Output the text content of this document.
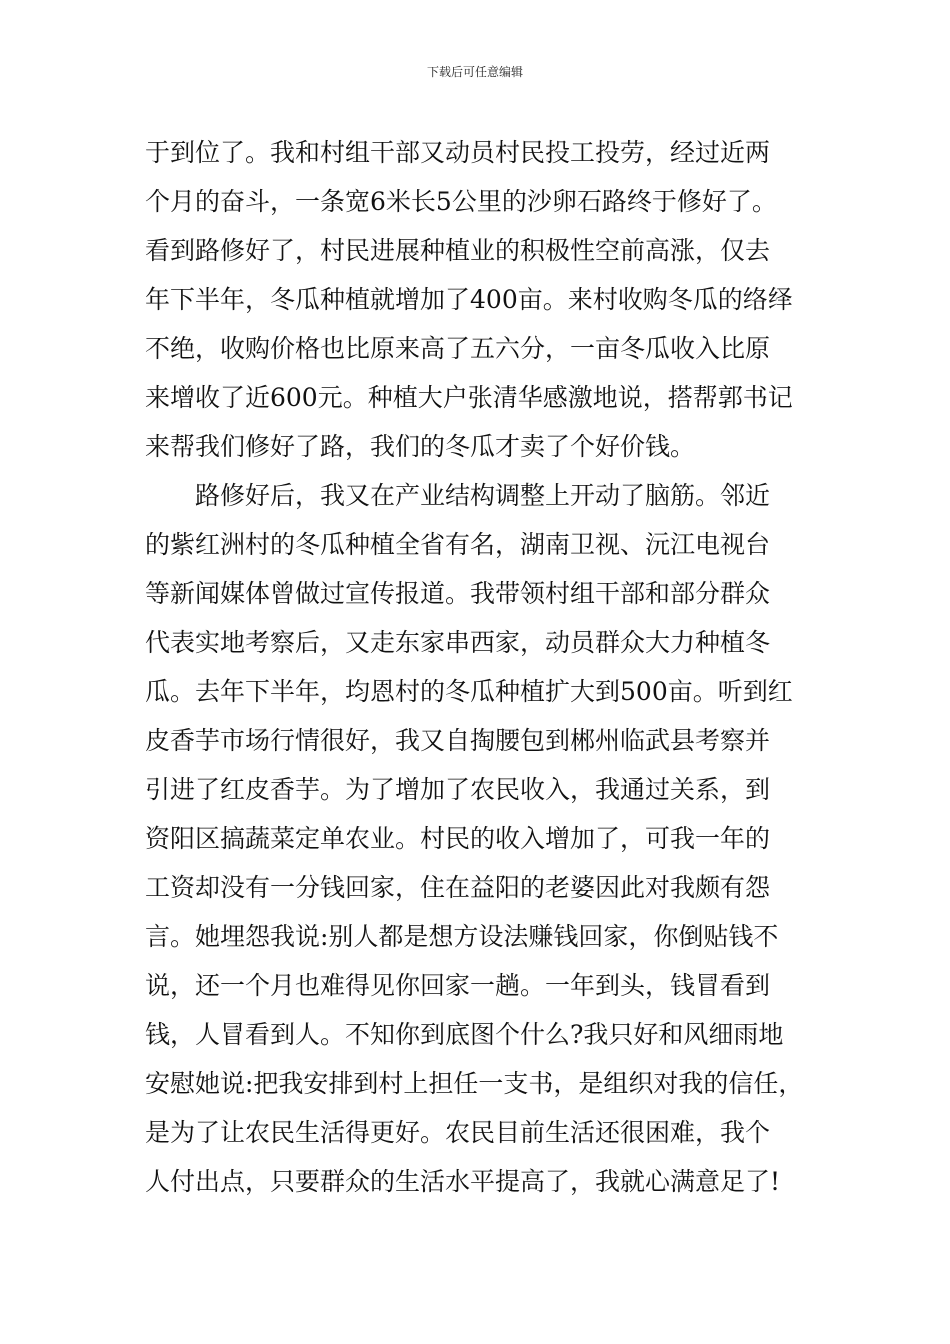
下载后可任意编辑
于到位了。我和村组干部又动员村民投工投劳，经过近两
个月的奋斗，一条宽6米长5公里的沙卵石路终于修好了。
看到路修好了，村民进展种植业的积极性空前高涨，仅去
年下半年，冬瓜种植就增加了400亩。来村收购冬瓜的络绎
不绝，收购价格也比原来高了五六分，一亩冬瓜收入比原
来增收了近600元。种植大户张清华感激地说，搭帮郭书记
来帮我们修好了路，我们的冬瓜才卖了个好价钱。
　　路修好后，我又在产业结构调整上开动了脑筋。邻近
的紫红洲村的冬瓜种植全省有名，湖南卫视、沅江电视台
等新闻媒体曾做过宣传报道。我带领村组干部和部分群众
代表实地考察后，又走东家串西家，动员群众大力种植冬
瓜。去年下半年，均恩村的冬瓜种植扩大到500亩。听到红
皮香芋市场行情很好，我又自掏腰包到郴州临武县考察并
引进了红皮香芋。为了增加了农民收入，我通过关系，到
资阳区搞蔬菜定单农业。村民的收入增加了，可我一年的
工资却没有一分钱回家，住在益阳的老婆因此对我颇有怨
言。她埋怨我说:别人都是想方设法赚钱回家，你倒贴钱不
说，还一个月也难得见你回家一趟。一年到头，钱冒看到
钱，人冒看到人。不知你到底图个什么?我只好和风细雨地
安慰她说:把我安排到村上担任一支书，是组织对我的信任，
是为了让农民生活得更好。农民目前生活还很困难，我个
人付出点，只要群众的生活水平提高了，我就心满意足了!
